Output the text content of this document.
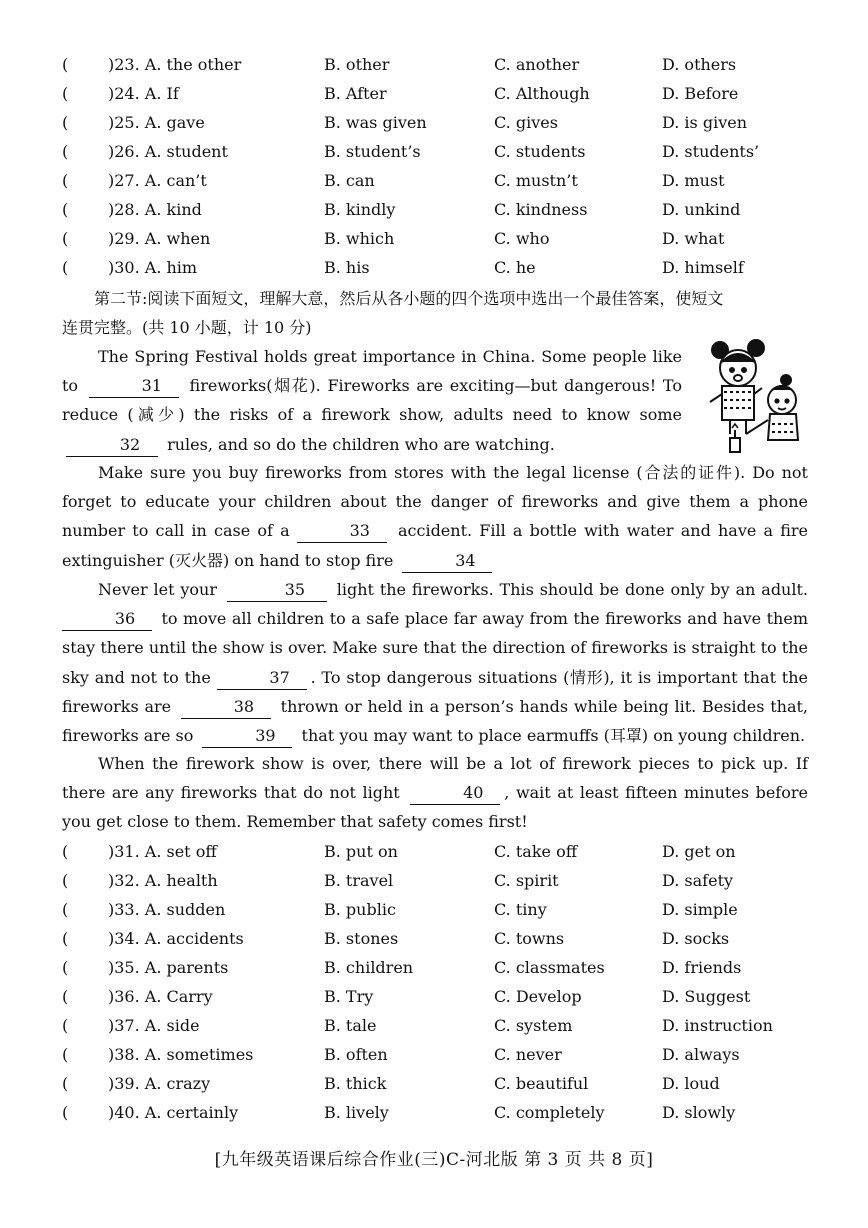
( )23. A. the other	B. other	C. another	D. others
( )24. A. If	B. After	C. Although	D. Before
( )25. A. gave	B. was given	C. gives	D. is given
( )26. A. student	B. student’s	C. students	D. students’
( )27. A. can’t	B. can	C. mustn’t	D. must
( )28. A. kind	B. kindly	C. kindness	D. unkind
( )29. A. when	B. which	C. who	D. what
( )30. A. him	B. his	C. he	D. himself
第二节:阅读下面短文，理解大意，然后从各小题的四个选项中选出一个最佳答案，使短文
连贯完整。(共 10 小题，计 10 分)
The Spring Festival holds great importance in China. Some people like to	31 fireworks(烟花). Fireworks are exciting—but dangerous! To reduce (减少) the risks of a firework show, adults need to know some 32 rules, and so do the children who are watching.
Make sure you buy fireworks from stores with the legal license (合法的证件). Do not forget to educate your children about the danger of fireworks and give them a phone number to call in case of a	33 accident. Fill a bottle with water and have a fire extinguisher (灭火器) on hand to stop fire	34
Never let your	35 light the fireworks. This should be done only by an adult. 36 to move all children to a safe place far away from the fireworks and have them stay there until the show is over. Make sure that the direction of fireworks is straight to the sky and not to the	37 . To stop dangerous situations (情形), it is important that the fireworks are	38 thrown or held in a person’s hands while being lit. Besides that, fireworks are so	39 that you may want to place earmuffs (耳罩) on young children.
When the firework show is over, there will be a lot of firework pieces to pick up. If there are any fireworks that do not light	40 , wait at least fifteen minutes before you get close to them. Remember that safety comes first!
( )31. A. set off	B. put on	C. take off	D. get on
( )32. A. health	B. travel	C. spirit	D. safety
( )33. A. sudden	B. public	C. tiny	D. simple
( )34. A. accidents	B. stones	C. towns	D. socks
( )35. A. parents	B. children	C. classmates	D. friends
( )36. A. Carry	B. Try	C. Develop	D. Suggest
( )37. A. side	B. tale	C. system	D. instruction
( )38. A. sometimes	B. often	C. never	D. always
( )39. A. crazy	B. thick	C. beautiful	D. loud
( )40. A. certainly	B. lively	C. completely	D. slowly
[九年级英语课后综合作业(三)C-河北版 第 3 页 共 8 页]
